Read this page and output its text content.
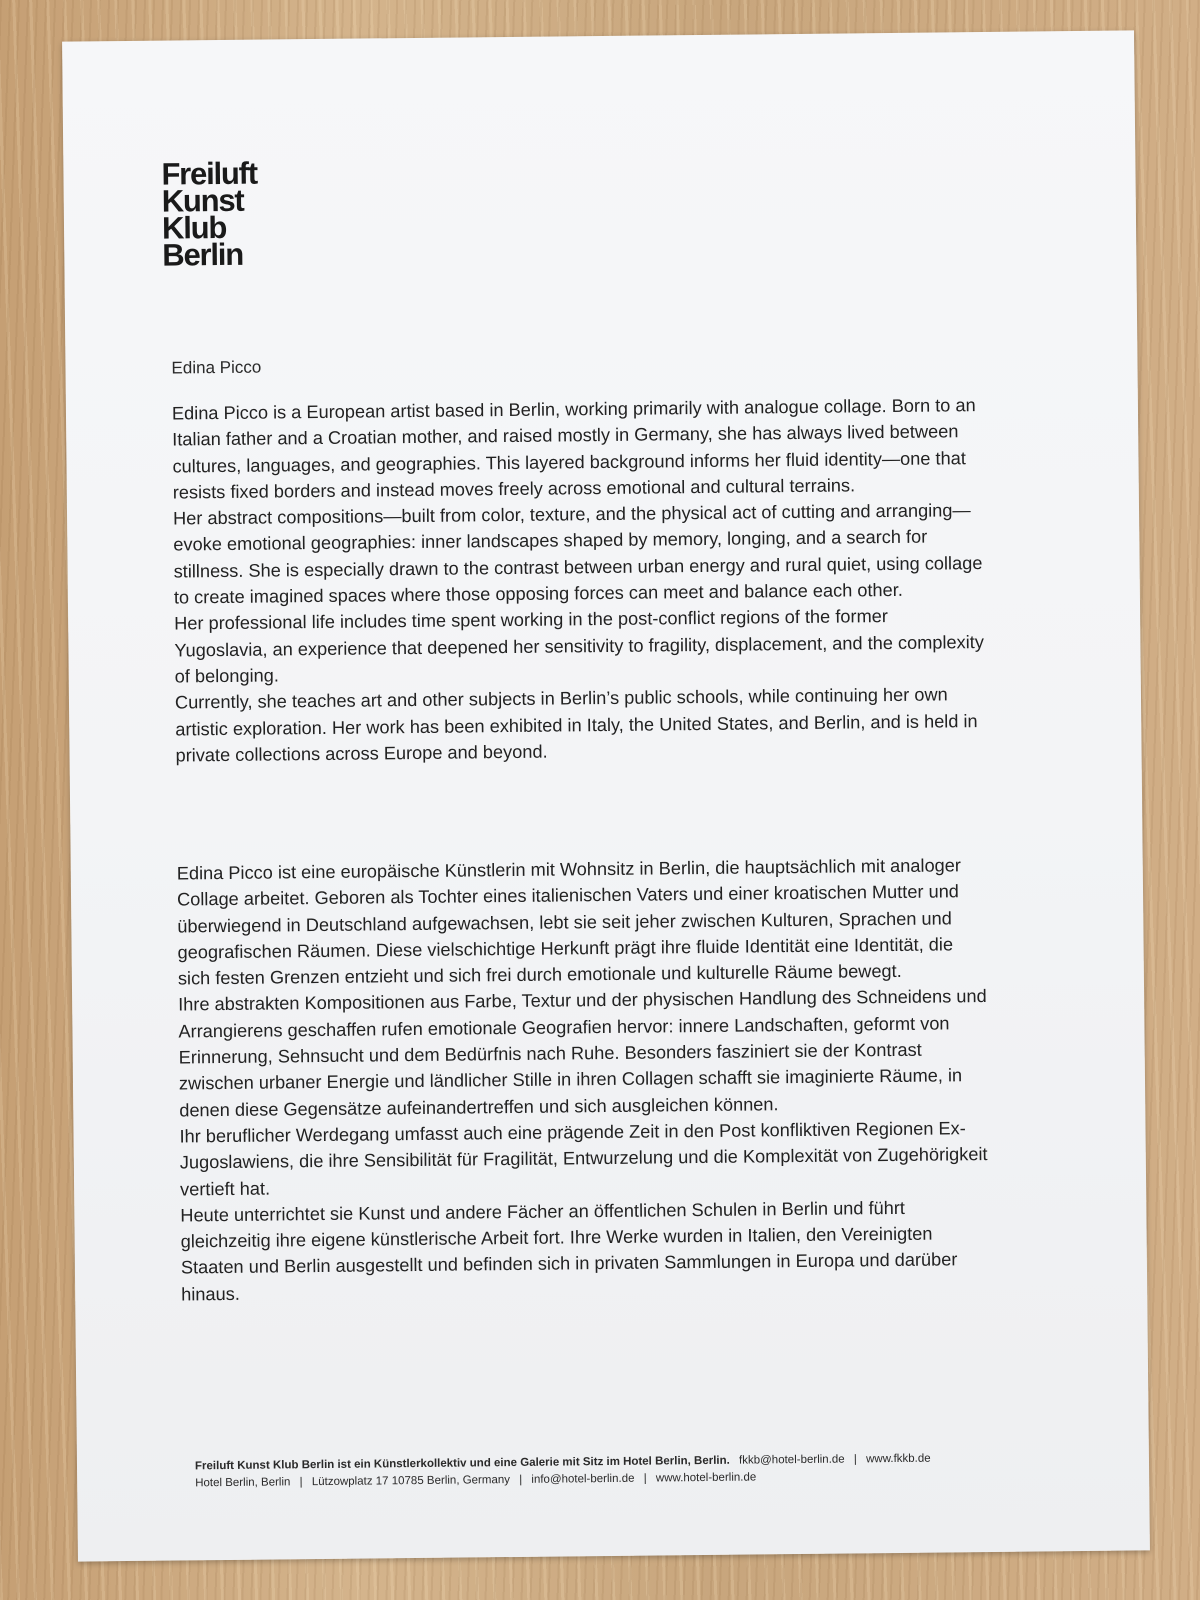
Freiluft
Kunst
Klub
Berlin
Edina Picco

Edina Picco is a European artist based in Berlin, working primarily with analogue collage. Born to an Italian father and a Croatian mother, and raised mostly in Germany, she has always lived between cultures, languages, and geographies. This layered background informs her fluid identity—one that resists fixed borders and instead moves freely across emotional and cultural terrains.

Her abstract compositions—built from color, texture, and the physical act of cutting and arranging—evoke emotional geographies: inner landscapes shaped by memory, longing, and a search for stillness. She is especially drawn to the contrast between urban energy and rural quiet, using collage to create imagined spaces where those opposing forces can meet and balance each other.

Her professional life includes time spent working in the post-conflict regions of the former Yugoslavia, an experience that deepened her sensitivity to fragility, displacement, and the complexity of belonging.

Currently, she teaches art and other subjects in Berlin’s public schools, while continuing her own artistic exploration. Her work has been exhibited in Italy, the United States, and Berlin, and is held in private collections across Europe and beyond.

Edina Picco ist eine europäische Künstlerin mit Wohnsitz in Berlin, die hauptsächlich mit analoger Collage arbeitet. Geboren als Tochter eines italienischen Vaters und einer kroatischen Mutter und überwiegend in Deutschland aufgewachsen, lebt sie seit jeher zwischen Kulturen, Sprachen und geografischen Räumen. Diese vielschichtige Herkunft prägt ihre fluide Identität eine Identität, die sich festen Grenzen entzieht und sich frei durch emotionale und kulturelle Räume bewegt.

Ihre abstrakten Kompositionen aus Farbe, Textur und der physischen Handlung des Schneidens und Arrangierens geschaffen rufen emotionale Geografien hervor: innere Landschaften, geformt von Erinnerung, Sehnsucht und dem Bedürfnis nach Ruhe. Besonders fasziniert sie der Kontrast zwischen urbaner Energie und ländlicher Stille in ihren Collagen schafft sie imaginierte Räume, in denen diese Gegensätze aufeinandertreffen und sich ausgleichen können.

Ihr beruflicher Werdegang umfasst auch eine prägende Zeit in den Post konfliktiven Regionen Ex-Jugoslawiens, die ihre Sensibilität für Fragilität, Entwurzelung und die Komplexität von Zugehörigkeit vertieft hat.

Heute unterrichtet sie Kunst und andere Fächer an öffentlichen Schulen in Berlin und führt gleichzeitig ihre eigene künstlerische Arbeit fort. Ihre Werke wurden in Italien, den Vereinigten Staaten und Berlin ausgestellt und befinden sich in privaten Sammlungen in Europa und darüber hinaus.

Freiluft Kunst Klub Berlin ist ein Künstlerkollektiv und eine Galerie mit Sitz im Hotel Berlin, Berlin. fkkb@hotel-berlin.de | www.fkkb.de
Hotel Berlin, Berlin | Lützowplatz 17 10785 Berlin, Germany | info@hotel-berlin.de | www.hotel-berlin.de
